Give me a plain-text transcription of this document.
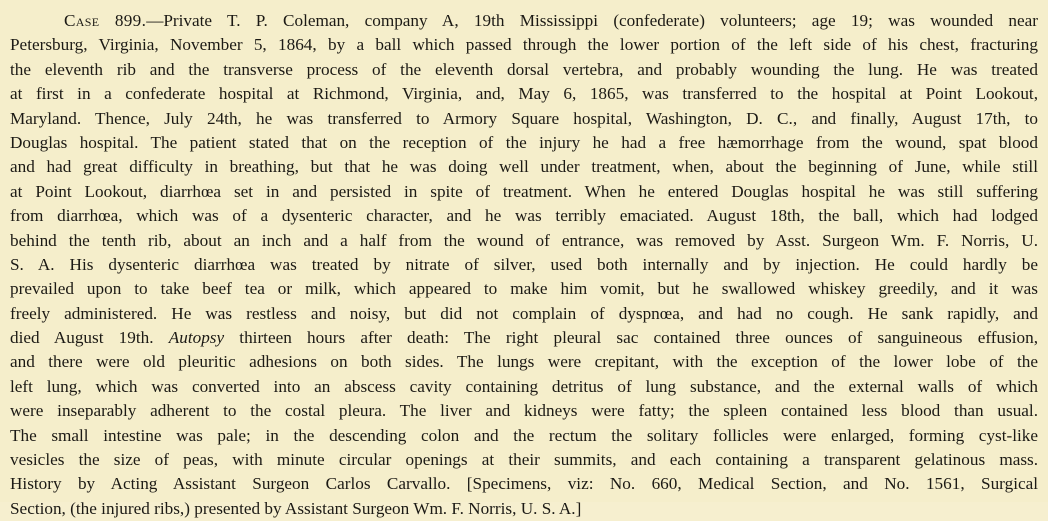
Case 899.—Private T. P. Coleman, company A, 19th Mississippi (confederate) volunteers; age 19; was wounded near
Petersburg, Virginia, November 5, 1864, by a ball which passed through the lower portion of the left side of his chest, fracturing
the eleventh rib and the transverse process of the eleventh dorsal vertebra, and probably wounding the lung. He was treated
at first in a confederate hospital at Richmond, Virginia, and, May 6, 1865, was transferred to the hospital at Point Lookout,
Maryland. Thence, July 24th, he was transferred to Armory Square hospital, Washington, D. C., and finally, August 17th, to
Douglas hospital. The patient stated that on the reception of the injury he had a free hæmorrhage from the wound, spat blood
and had great difficulty in breathing, but that he was doing well under treatment, when, about the beginning of June, while still
at Point Lookout, diarrhœa set in and persisted in spite of treatment. When he entered Douglas hospital he was still suffering
from diarrhœa, which was of a dysenteric character, and he was terribly emaciated. August 18th, the ball, which had lodged
behind the tenth rib, about an inch and a half from the wound of entrance, was removed by Asst. Surgeon Wm. F. Norris, U.
S. A. His dysenteric diarrhœa was treated by nitrate of silver, used both internally and by injection. He could hardly be
prevailed upon to take beef tea or milk, which appeared to make him vomit, but he swallowed whiskey greedily, and it was
freely administered. He was restless and noisy, but did not complain of dyspnœa, and had no cough. He sank rapidly, and
died August 19th. Autopsy thirteen hours after death: The right pleural sac contained three ounces of sanguineous effusion,
and there were old pleuritic adhesions on both sides. The lungs were crepitant, with the exception of the lower lobe of the
left lung, which was converted into an abscess cavity containing detritus of lung substance, and the external walls of which
were inseparably adherent to the costal pleura. The liver and kidneys were fatty; the spleen contained less blood than usual.
The small intestine was pale; in the descending colon and the rectum the solitary follicles were enlarged, forming cyst-like
vesicles the size of peas, with minute circular openings at their summits, and each containing a transparent gelatinous mass.
History by Acting Assistant Surgeon Carlos Carvallo. [Specimens, viz: No. 660, Medical Section, and No. 1561, Surgical
Section, (the injured ribs,) presented by Assistant Surgeon Wm. F. Norris, U. S. A.]
